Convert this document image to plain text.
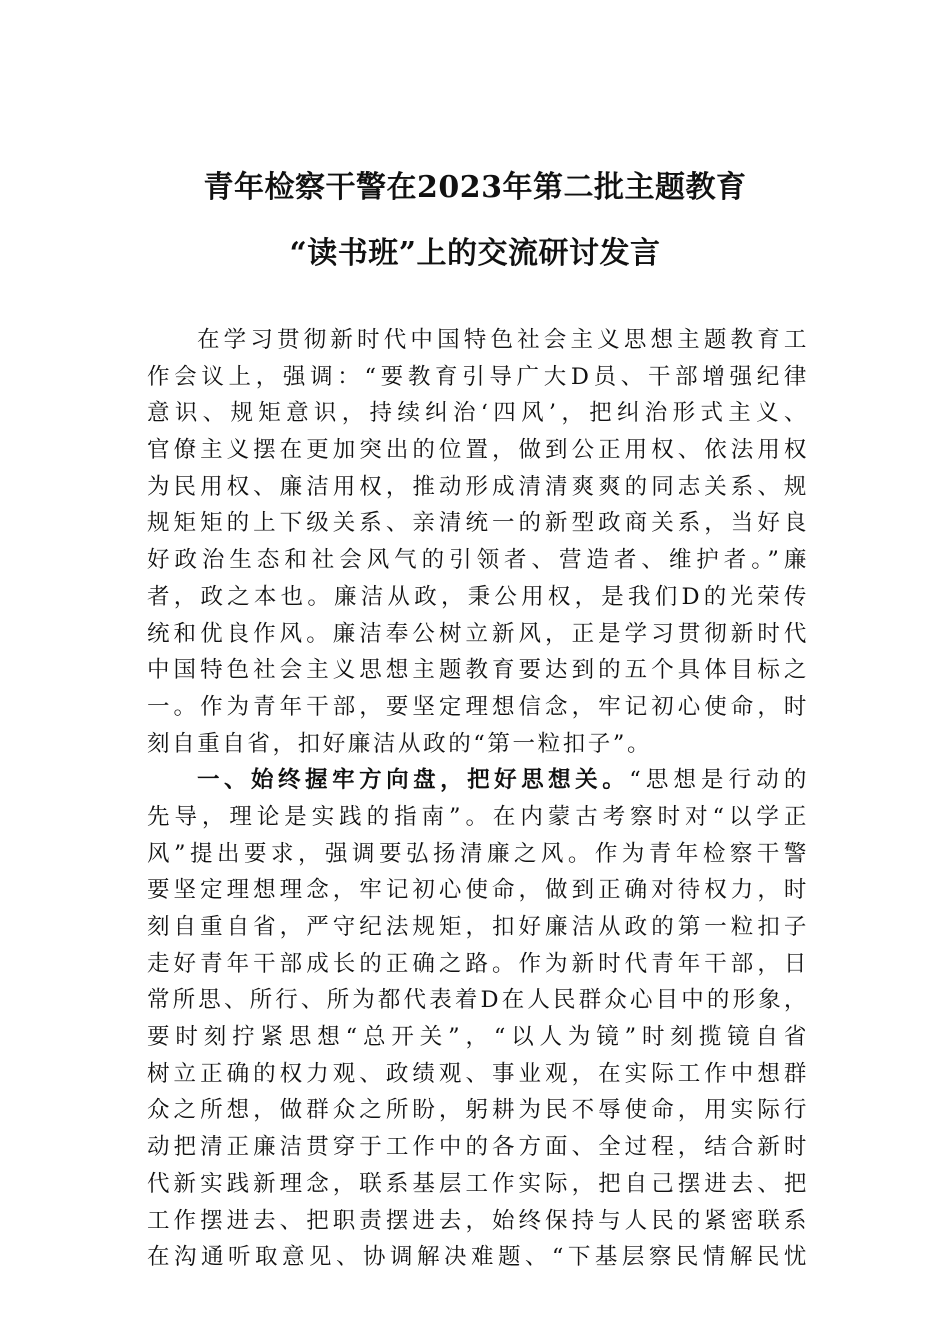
青年检察干警在2023年第二批主题教育
“读书班”上的交流研讨发言
在学习贯彻新时代中国特色社会主义思想主题教育工
作会议上，强调：“要教育引导广大D员、干部增强纪律
意识、规矩意识，持续纠治‘四风’，把纠治形式主义、
官僚主义摆在更加突出的位置，做到公正用权、依法用权
为民用权、廉洁用权，推动形成清清爽爽的同志关系、规
规矩矩的上下级关系、亲清统一的新型政商关系，当好良
好政治生态和社会风气的引领者、营造者、维护者。”廉
者，政之本也。廉洁从政，秉公用权，是我们D的光荣传
统和优良作风。廉洁奉公树立新风，正是学习贯彻新时代
中国特色社会主义思想主题教育要达到的五个具体目标之
一。作为青年干部，要坚定理想信念，牢记初心使命，时
刻自重自省，扣好廉洁从政的“第一粒扣子”。
一、始终握牢方向盘，把好思想关。“思想是行动的
先导，理论是实践的指南”。在内蒙古考察时对“以学正
风”提出要求，强调要弘扬清廉之风。作为青年检察干警
要坚定理想理念，牢记初心使命，做到正确对待权力，时
刻自重自省，严守纪法规矩，扣好廉洁从政的第一粒扣子
走好青年干部成长的正确之路。作为新时代青年干部，日
常所思、所行、所为都代表着D在人民群众心目中的形象，
要时刻拧紧思想“总开关”，“以人为镜”时刻揽镜自省
树立正确的权力观、政绩观、事业观，在实际工作中想群
众之所想，做群众之所盼，躬耕为民不辱使命，用实际行
动把清正廉洁贯穿于工作中的各方面、全过程，结合新时
代新实践新理念，联系基层工作实际，把自己摆进去、把
工作摆进去、把职责摆进去，始终保持与人民的紧密联系
在沟通听取意见、协调解决难题、“下基层察民情解民忧
